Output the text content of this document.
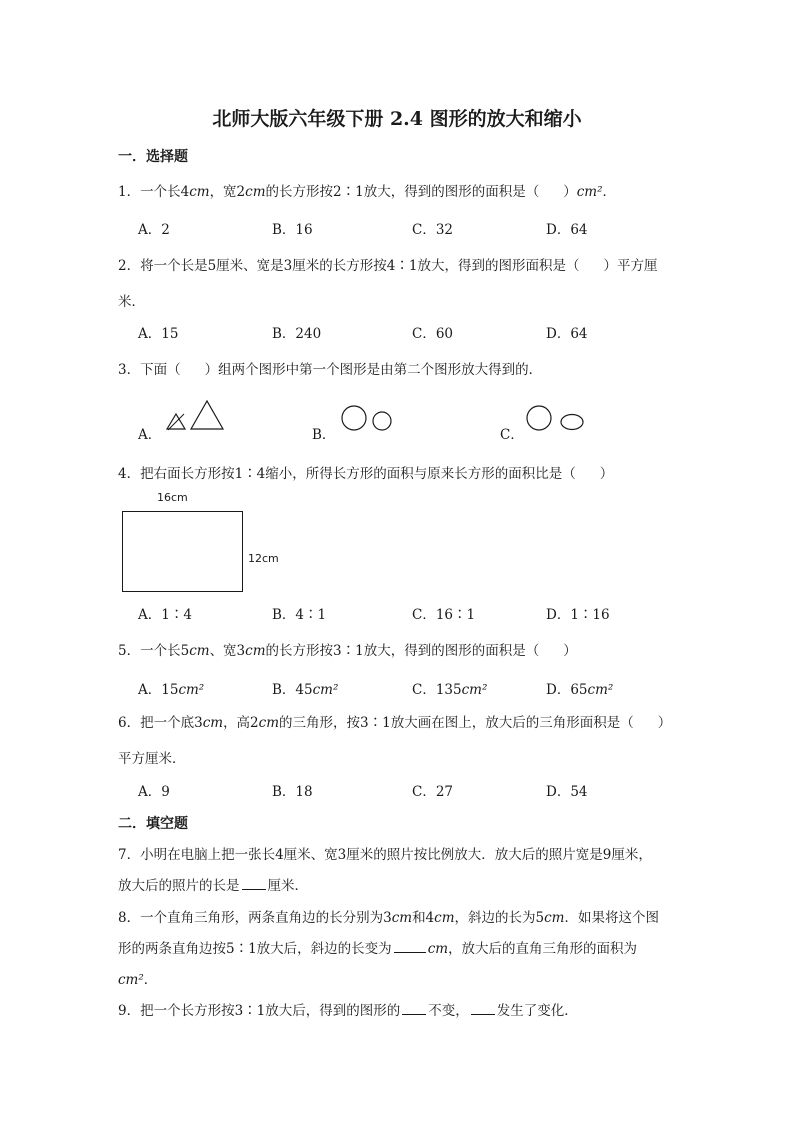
北师大版六年级下册 2.4 图形的放大和缩小
一．选择题
1．一个长4cm，宽2cm的长方形按2∶1放大，得到的图形的面积是（ ）cm²．
A．2	B．16	C．32	D．64
2．将一个长是5厘米、宽是3厘米的长方形按4∶1放大，得到的图形面积是（ ）平方厘
米．
A．15	B．240	C．60	D．64
3．下面（ ）组两个图形中第一个图形是由第二个图形放大得到的．
A．	B．	C．
4．把右面长方形按1∶4缩小，所得长方形的面积与原来长方形的面积比是（ ）
16cm
12cm
A．1∶4	B．4∶1	C．16∶1	D．1∶16
5．一个长5cm、宽3cm的长方形按3∶1放大，得到的图形的面积是（ ）
A．15cm²	B．45cm²	C．135cm²	D．65cm²
6．把一个底3cm，高2cm的三角形，按3∶1放大画在图上，放大后的三角形面积是（ ）
平方厘米．
A．9	B．18	C．27	D．54
二．填空题
7．小明在电脑上把一张长4厘米、宽3厘米的照片按比例放大．放大后的照片宽是9厘米，
放大后的照片的长是 厘米．
8．一个直角三角形，两条直角边的长分别为3cm和4cm，斜边的长为5cm．如果将这个图
形的两条直角边按5∶1放大后，斜边的长变为	cm，放大后的直角三角形的面积为
cm²．
9．把一个长方形按3∶1放大后，得到的图形的 不变， 发生了变化．
